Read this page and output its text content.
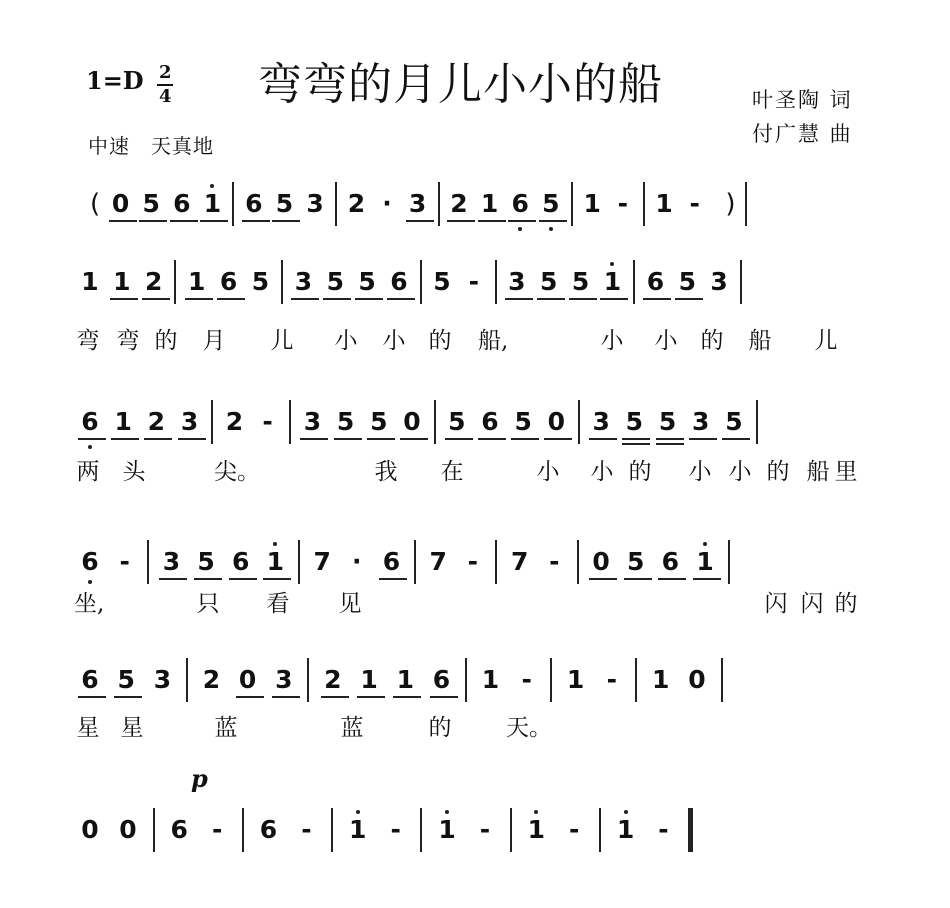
1=D 2
4 弯弯的月儿小小的船	叶圣陶 词
付广慧 曲
中速　天真地
p
( 0 5 6 1 6 5 3 2 · 3 2 1 6 5 1 - 1 - )
1 1 2 1 6 5 3 5 5 6 5 - 3 5 5 1 6 5 3
弯 弯 的 月 儿 小 小 的 船,	小 小 的 船 儿
6 1 2 3 2 - 3 5 5 0 5 6 5 0 3 5 5 3 5
两 头	尖。	我 在	小 小 的 小 小 的 船 里
6 - 3 5 6 1 7 · 6 7 - 7 - 0 5 6 1
坐,	只 看 见	闪 闪 的
6 5 3 2 0 3 2 1 1 6 1 - 1 - 1 0
星 星	蓝	蓝	的 天。
0 0 6 - 6 - 1 - 1 - 1 - 1 -
